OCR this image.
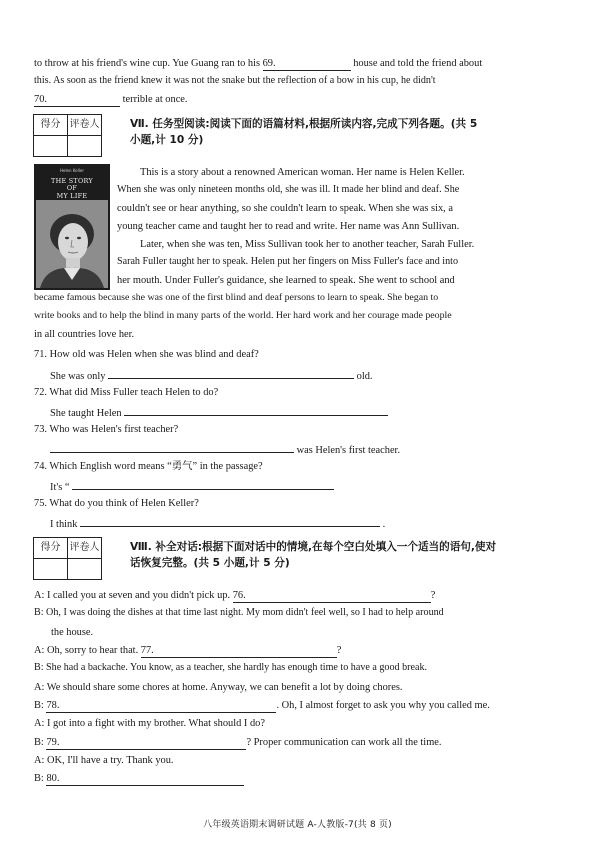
to throw at his friend's wine cup. Yue Guang ran to his 69.	house and told the friend about
this. As soon as the friend knew it was not the snake but the reflection of a bow in his cup, he didn't
70.	terrible at once.
得分	评卷人
		Ⅶ. 任务型阅读:阅读下面的语篇材料,根据所读内容,完成下列各题。(共 5
小题,计 10 分)
Helen Keller
THE STORY
OF
MY LIFE
This is a story about a renowned American woman. Her name is Helen Keller.
When she was only nineteen months old, she was ill. It made her blind and deaf. She
couldn't see or hear anything, so she couldn't learn to speak. When she was six, a
young teacher came and taught her to read and write. Her name was Ann Sullivan.
Later, when she was ten, Miss Sullivan took her to another teacher, Sarah Fuller.
Sarah Fuller taught her to speak. Helen put her fingers on Miss Fuller's face and into
her mouth. Under Fuller's guidance, she learned to speak. She went to school and
became famous because she was one of the first blind and deaf persons to learn to speak. She began to
write books and to help the blind in many parts of the world. Her hard work and her courage made people
in all countries love her.
71. How old was Helen when she was blind and deaf?
She was only	old.
72. What did Miss Fuller teach Helen to do?
She taught Helen
73. Who was Helen's first teacher?
was Helen's first teacher.
74. Which English word means “勇气” in the passage?
It's “
75. What do you think of Helen Keller?
I think	.
得分	评卷人
		Ⅷ. 补全对话:根据下面对话中的情境,在每个空白处填入一个适当的语句,使对
话恢复完整。(共 5 小题,计 5 分)
A: I called you at seven and you didn't pick up. 76.	?
B: Oh, I was doing the dishes at that time last night. My mom didn't feel well, so I had to help around
the house.
A: Oh, sorry to hear that. 77.	?
B: She had a backache. You know, as a teacher, she hardly has enough time to have a good break.
A: We should share some chores at home. Anyway, we can benefit a lot by doing chores.
B: 78.	. Oh, I almost forget to ask you why you called me.
A: I got into a fight with my brother. What should I do?
B: 79.	? Proper communication can work all the time.
A: OK, I'll have a try. Thank you.
B: 80.
八年级英语期末调研试题 A-人教版-7(共 8 页)
